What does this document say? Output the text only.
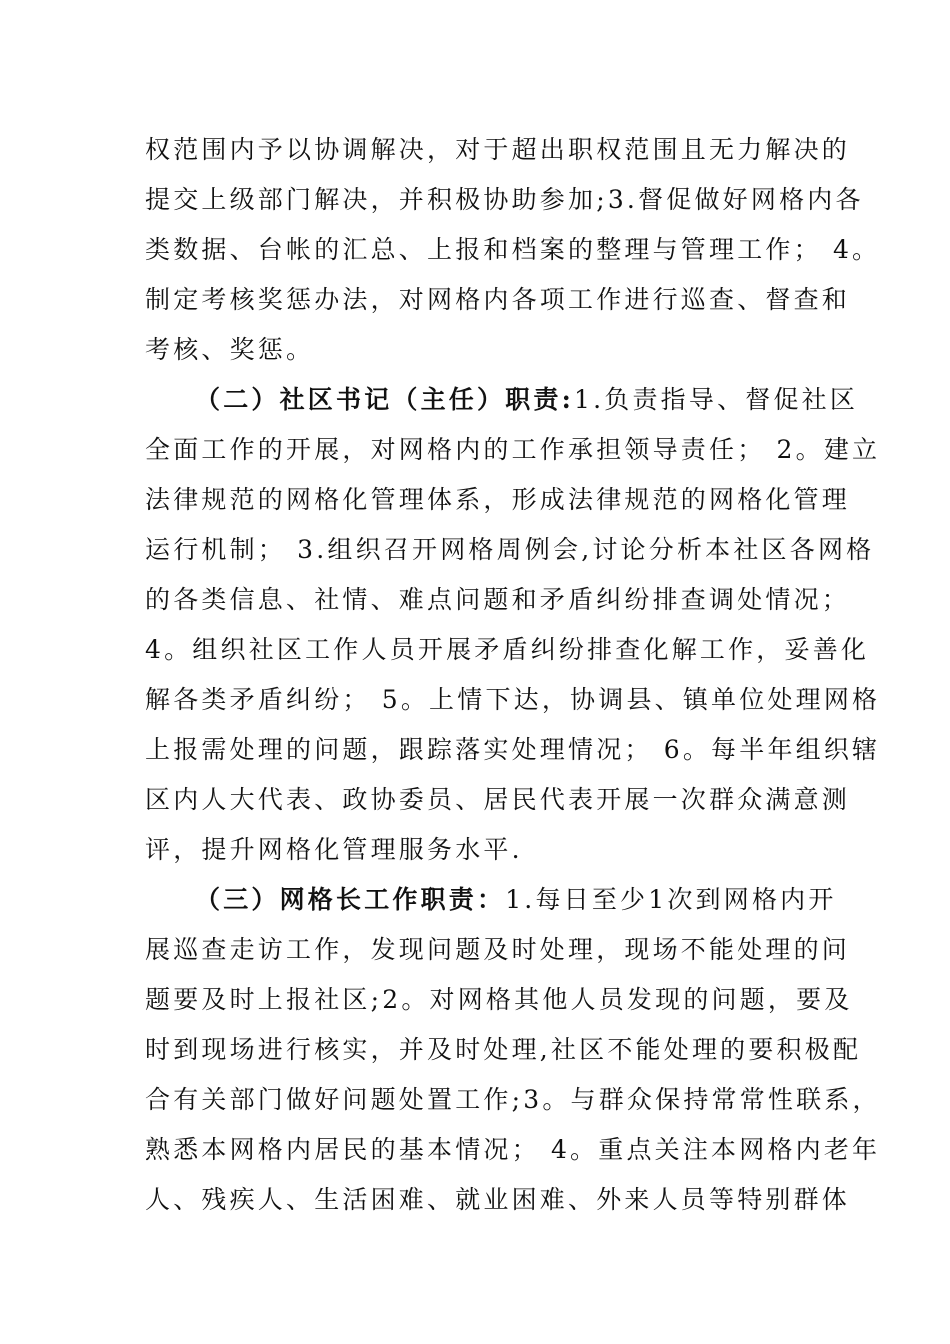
权范围内予以协调解决，对于超出职权范围且无力解决的
提交上级部门解决，并积极协助参加;3.督促做好网格内各
类数据、台帐的汇总、上报和档案的整理与管理工作； 4。
制定考核奖惩办法，对网格内各项工作进行巡查、督查和
考核、奖惩。
（二）社区书记（主任）职责:1.负责指导、督促社区
全面工作的开展，对网格内的工作承担领导责任； 2。建立
法律规范的网格化管理体系，形成法律规范的网格化管理
运行机制； 3.组织召开网格周例会,讨论分析本社区各网格
的各类信息、社情、难点问题和矛盾纠纷排查调处情况；
4。组织社区工作人员开展矛盾纠纷排查化解工作，妥善化
解各类矛盾纠纷； 5。上情下达，协调县、镇单位处理网格
上报需处理的问题，跟踪落实处理情况； 6。每半年组织辖
区内人大代表、政协委员、居民代表开展一次群众满意测
评，提升网格化管理服务水平.
（三）网格长工作职责：1.每日至少1次到网格内开
展巡查走访工作，发现问题及时处理，现场不能处理的问
题要及时上报社区;2。对网格其他人员发现的问题，要及
时到现场进行核实，并及时处理,社区不能处理的要积极配
合有关部门做好问题处置工作;3。与群众保持常常性联系，
熟悉本网格内居民的基本情况； 4。重点关注本网格内老年
人、残疾人、生活困难、就业困难、外来人员等特别群体
